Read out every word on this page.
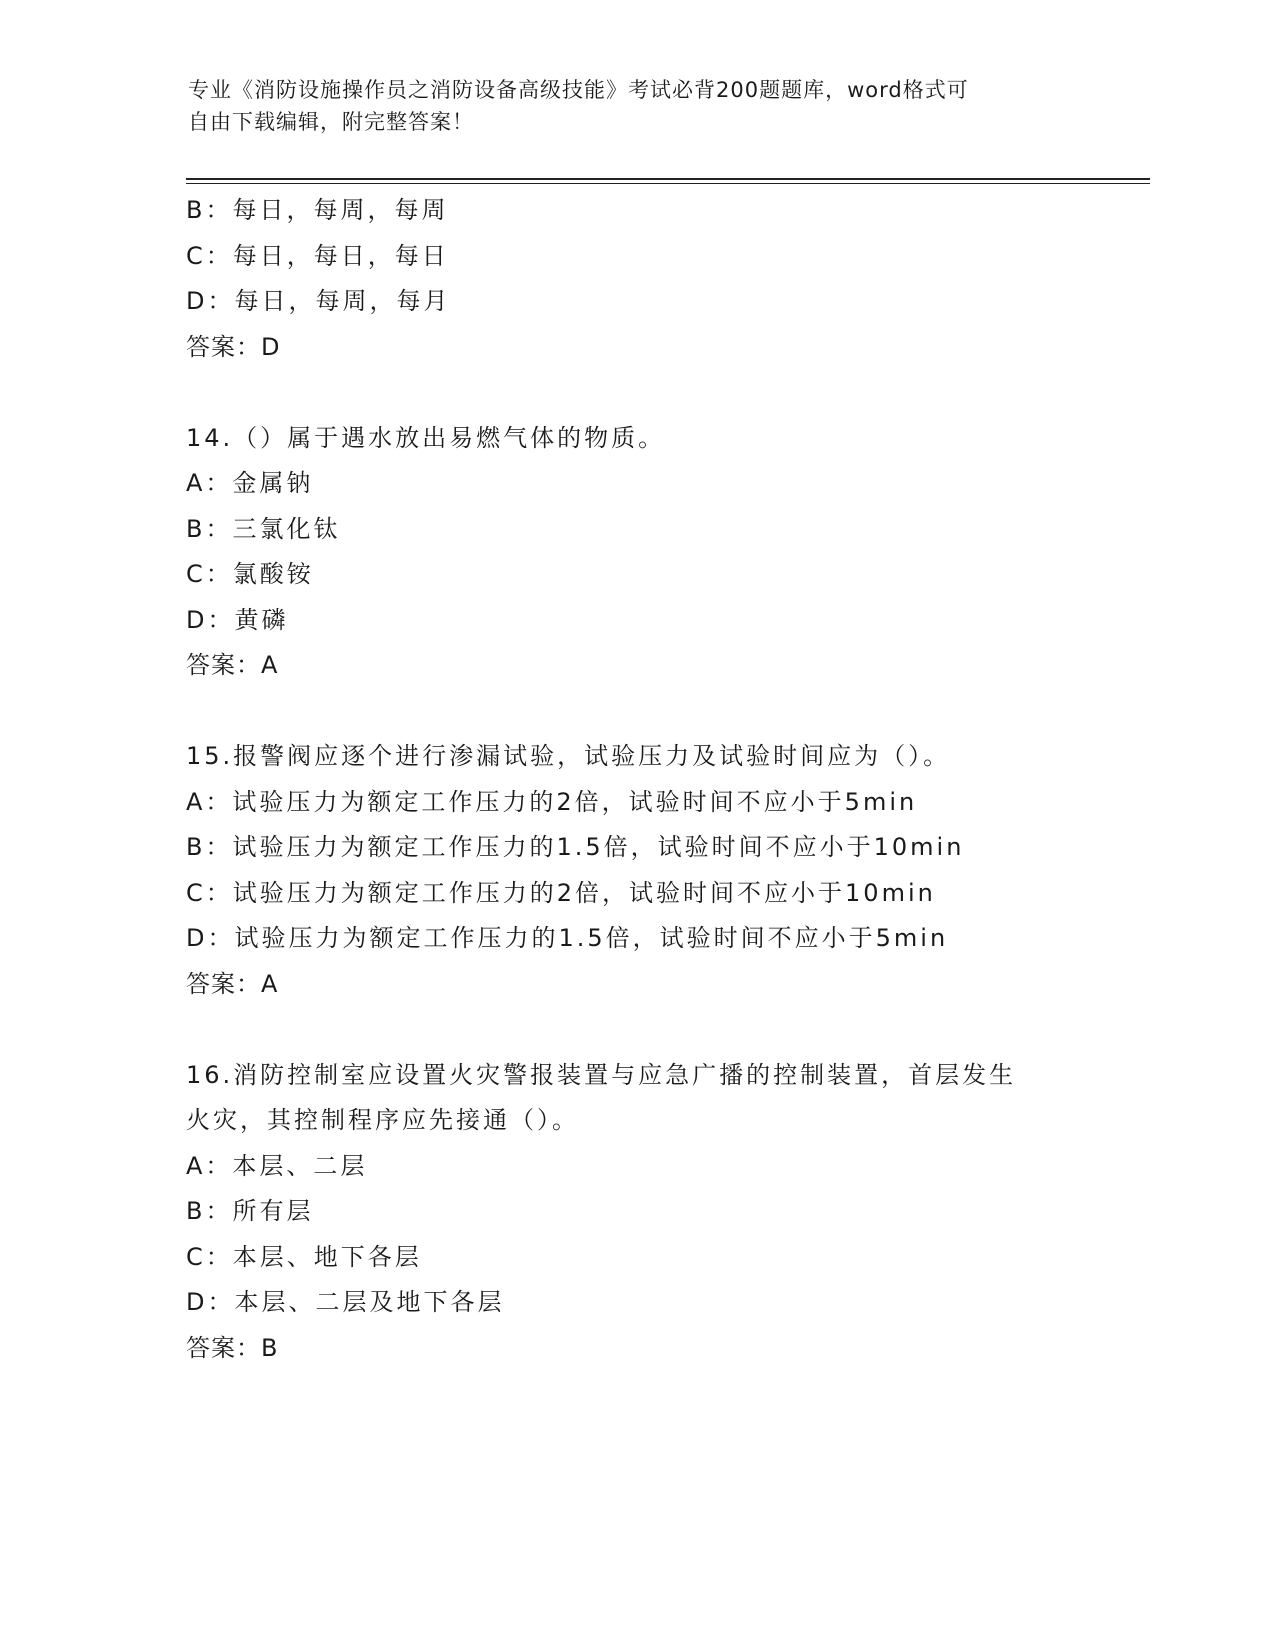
专业《消防设施操作员之消防设备高级技能》考试必背200题题库，word格式可
自由下载编辑，附完整答案！
B：每日，每周，每周
C：每日，每日，每日
D：每日，每周，每月
答案：D
14.（）属于遇水放出易燃气体的物质。
A：金属钠
B：三氯化钛
C：氯酸铵
D：黄磷
答案：A
15.报警阀应逐个进行渗漏试验，试验压力及试验时间应为（）。
A：试验压力为额定工作压力的2倍，试验时间不应小于5min
B：试验压力为额定工作压力的1.5倍，试验时间不应小于10min
C：试验压力为额定工作压力的2倍，试验时间不应小于10min
D：试验压力为额定工作压力的1.5倍，试验时间不应小于5min
答案：A
16.消防控制室应设置火灾警报装置与应急广播的控制装置，首层发生
火灾，其控制程序应先接通（）。
A：本层、二层
B：所有层
C：本层、地下各层
D：本层、二层及地下各层
答案：B
